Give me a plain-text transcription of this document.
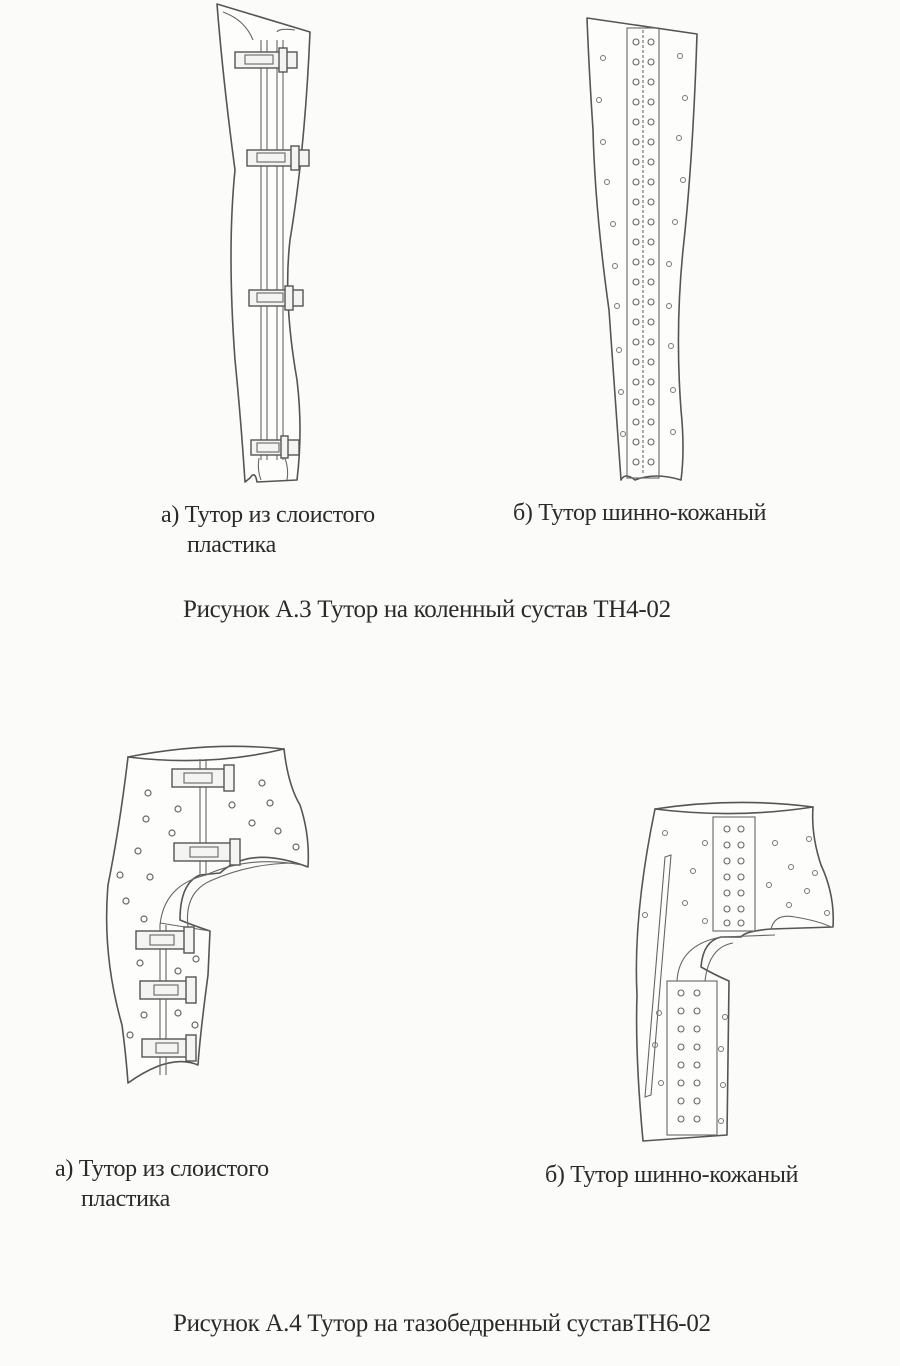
а) Тутор из слоистого
пластика
б) Тутор шинно-кожаный
Рисунок А.3 Тутор на коленный сустав ТН4-02
а) Тутор из слоистого
пластика
б) Тутор шинно-кожаный
Рисунок А.4 Тутор на тазобедренный суставТН6-02
